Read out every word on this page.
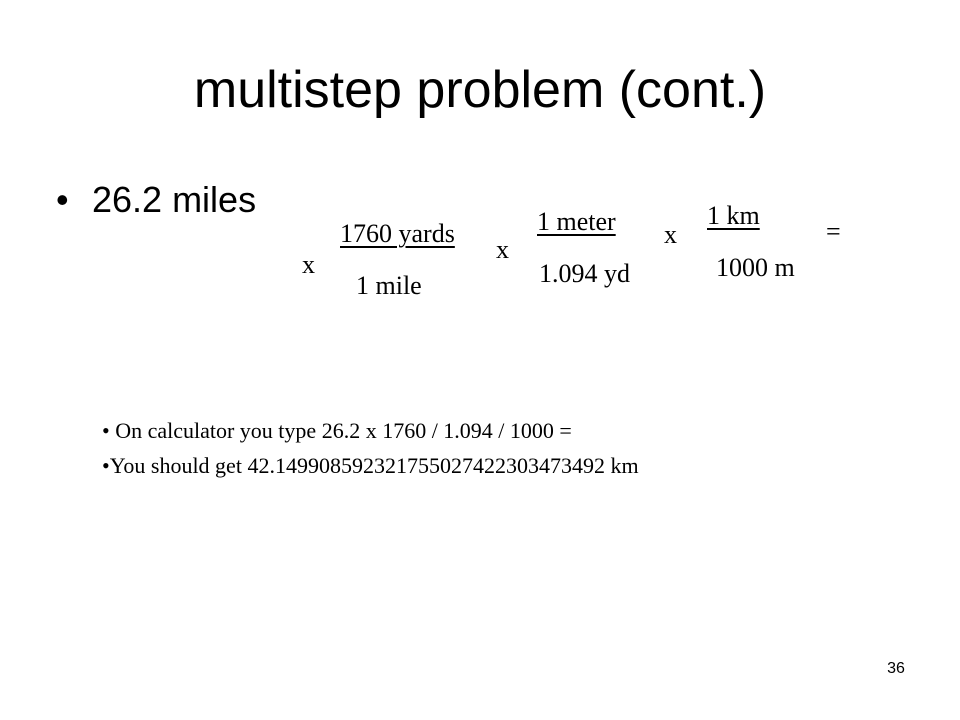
multistep problem (cont.)
• 26.2 miles
x
1760 yards
1 mile
x
1 meter
1.094 yd
x
1 km
1000 m
=
• On calculator you type 26.2 x 1760 / 1.094 / 1000 =
•You should get 42.149908592321755027422303473492 km
36
